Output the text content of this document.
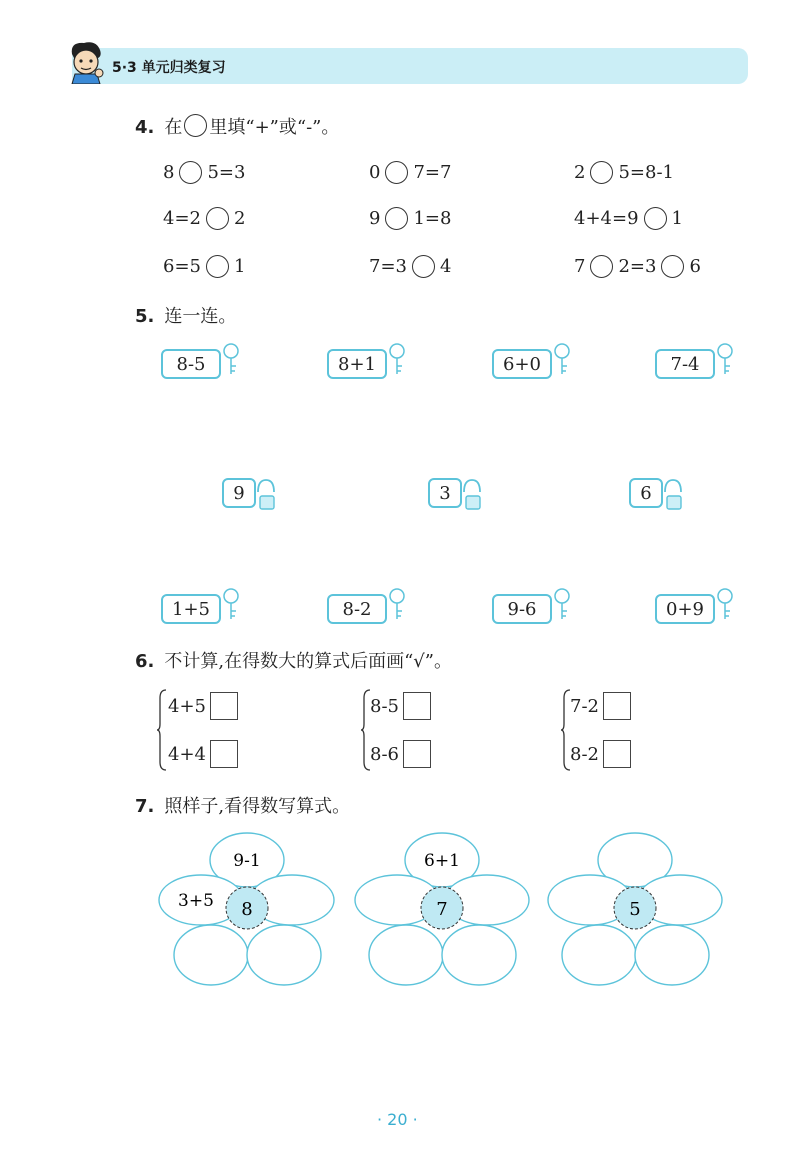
5·3 单元归类复习
4. 在 里填“+”或“-”。
8 5=3	0 7=7	2 5=8-1
4=2 2	9 1=8	4+4=9 1
6=5 1	7=3 4	7 2=3 6
5. 连一连。
8-5	8+1	6+0	7-4
9	3	6
1+5	8-2	9-6	0+9
6. 不计算,在得数大的算式后面画“√”。
4+5
4+4
8-5
8-6
7-2
8-2
7. 照样子,看得数写算式。
8
9-1
3+5	7
6+1
5
· 20 ·
